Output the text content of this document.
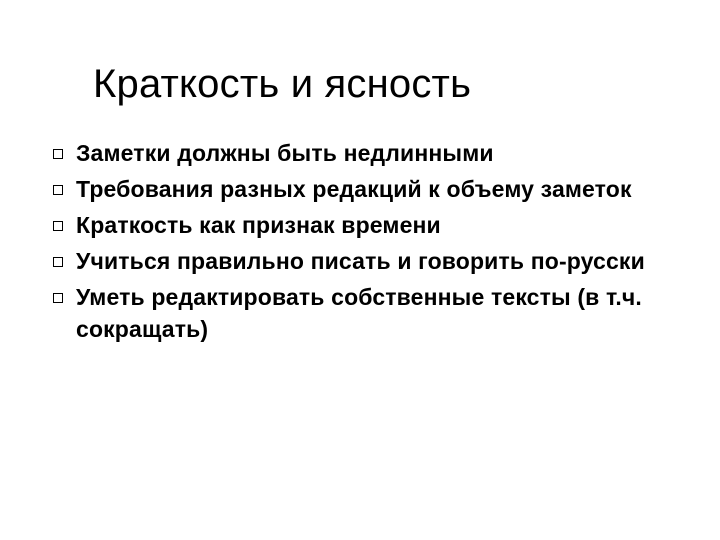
Краткость и ясность
Заметки должны быть недлинными
Требования разных редакций к объему заметок
Краткость как признак времени
Учиться правильно писать и говорить по-русски
Уметь редактировать собственные тексты (в т.ч. сокращать)
